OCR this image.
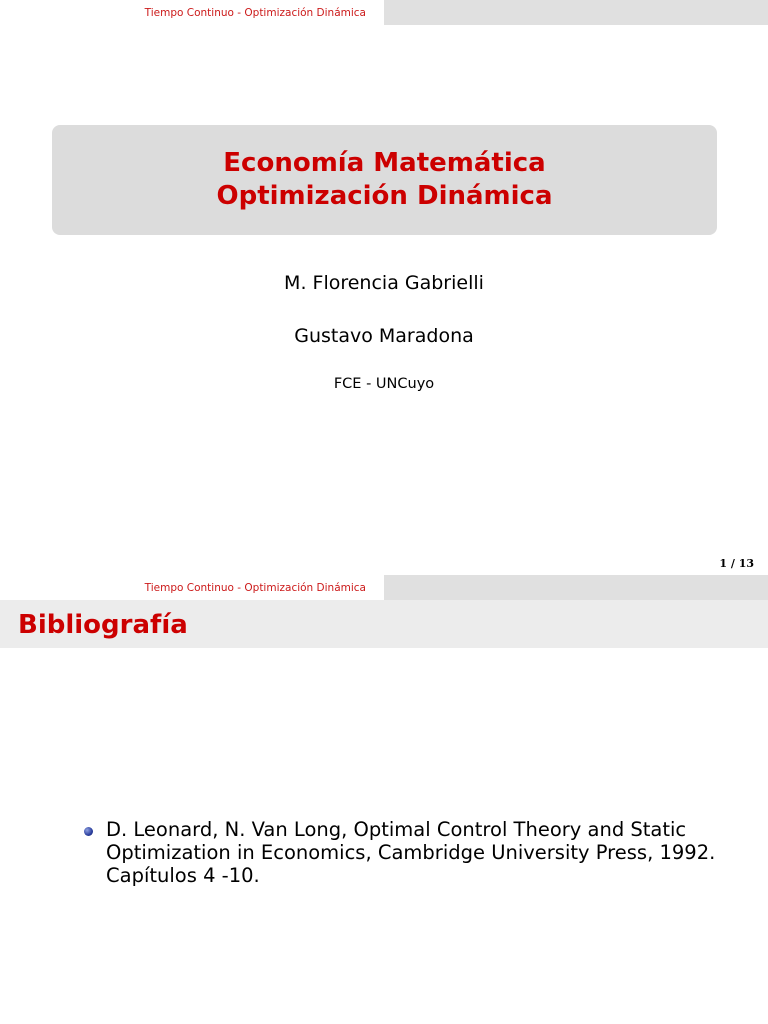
Tiempo Continuo - Optimización Dinámica
Economía Matemática
Optimización Dinámica
M. Florencia Gabrielli
Gustavo Maradona
FCE - UNCuyo
1 / 13
Tiempo Continuo - Optimización Dinámica
Bibliografía
D. Leonard, N. Van Long, Optimal Control Theory and Static Optimization in Economics, Cambridge University Press, 1992. Capítulos 4 -10.
